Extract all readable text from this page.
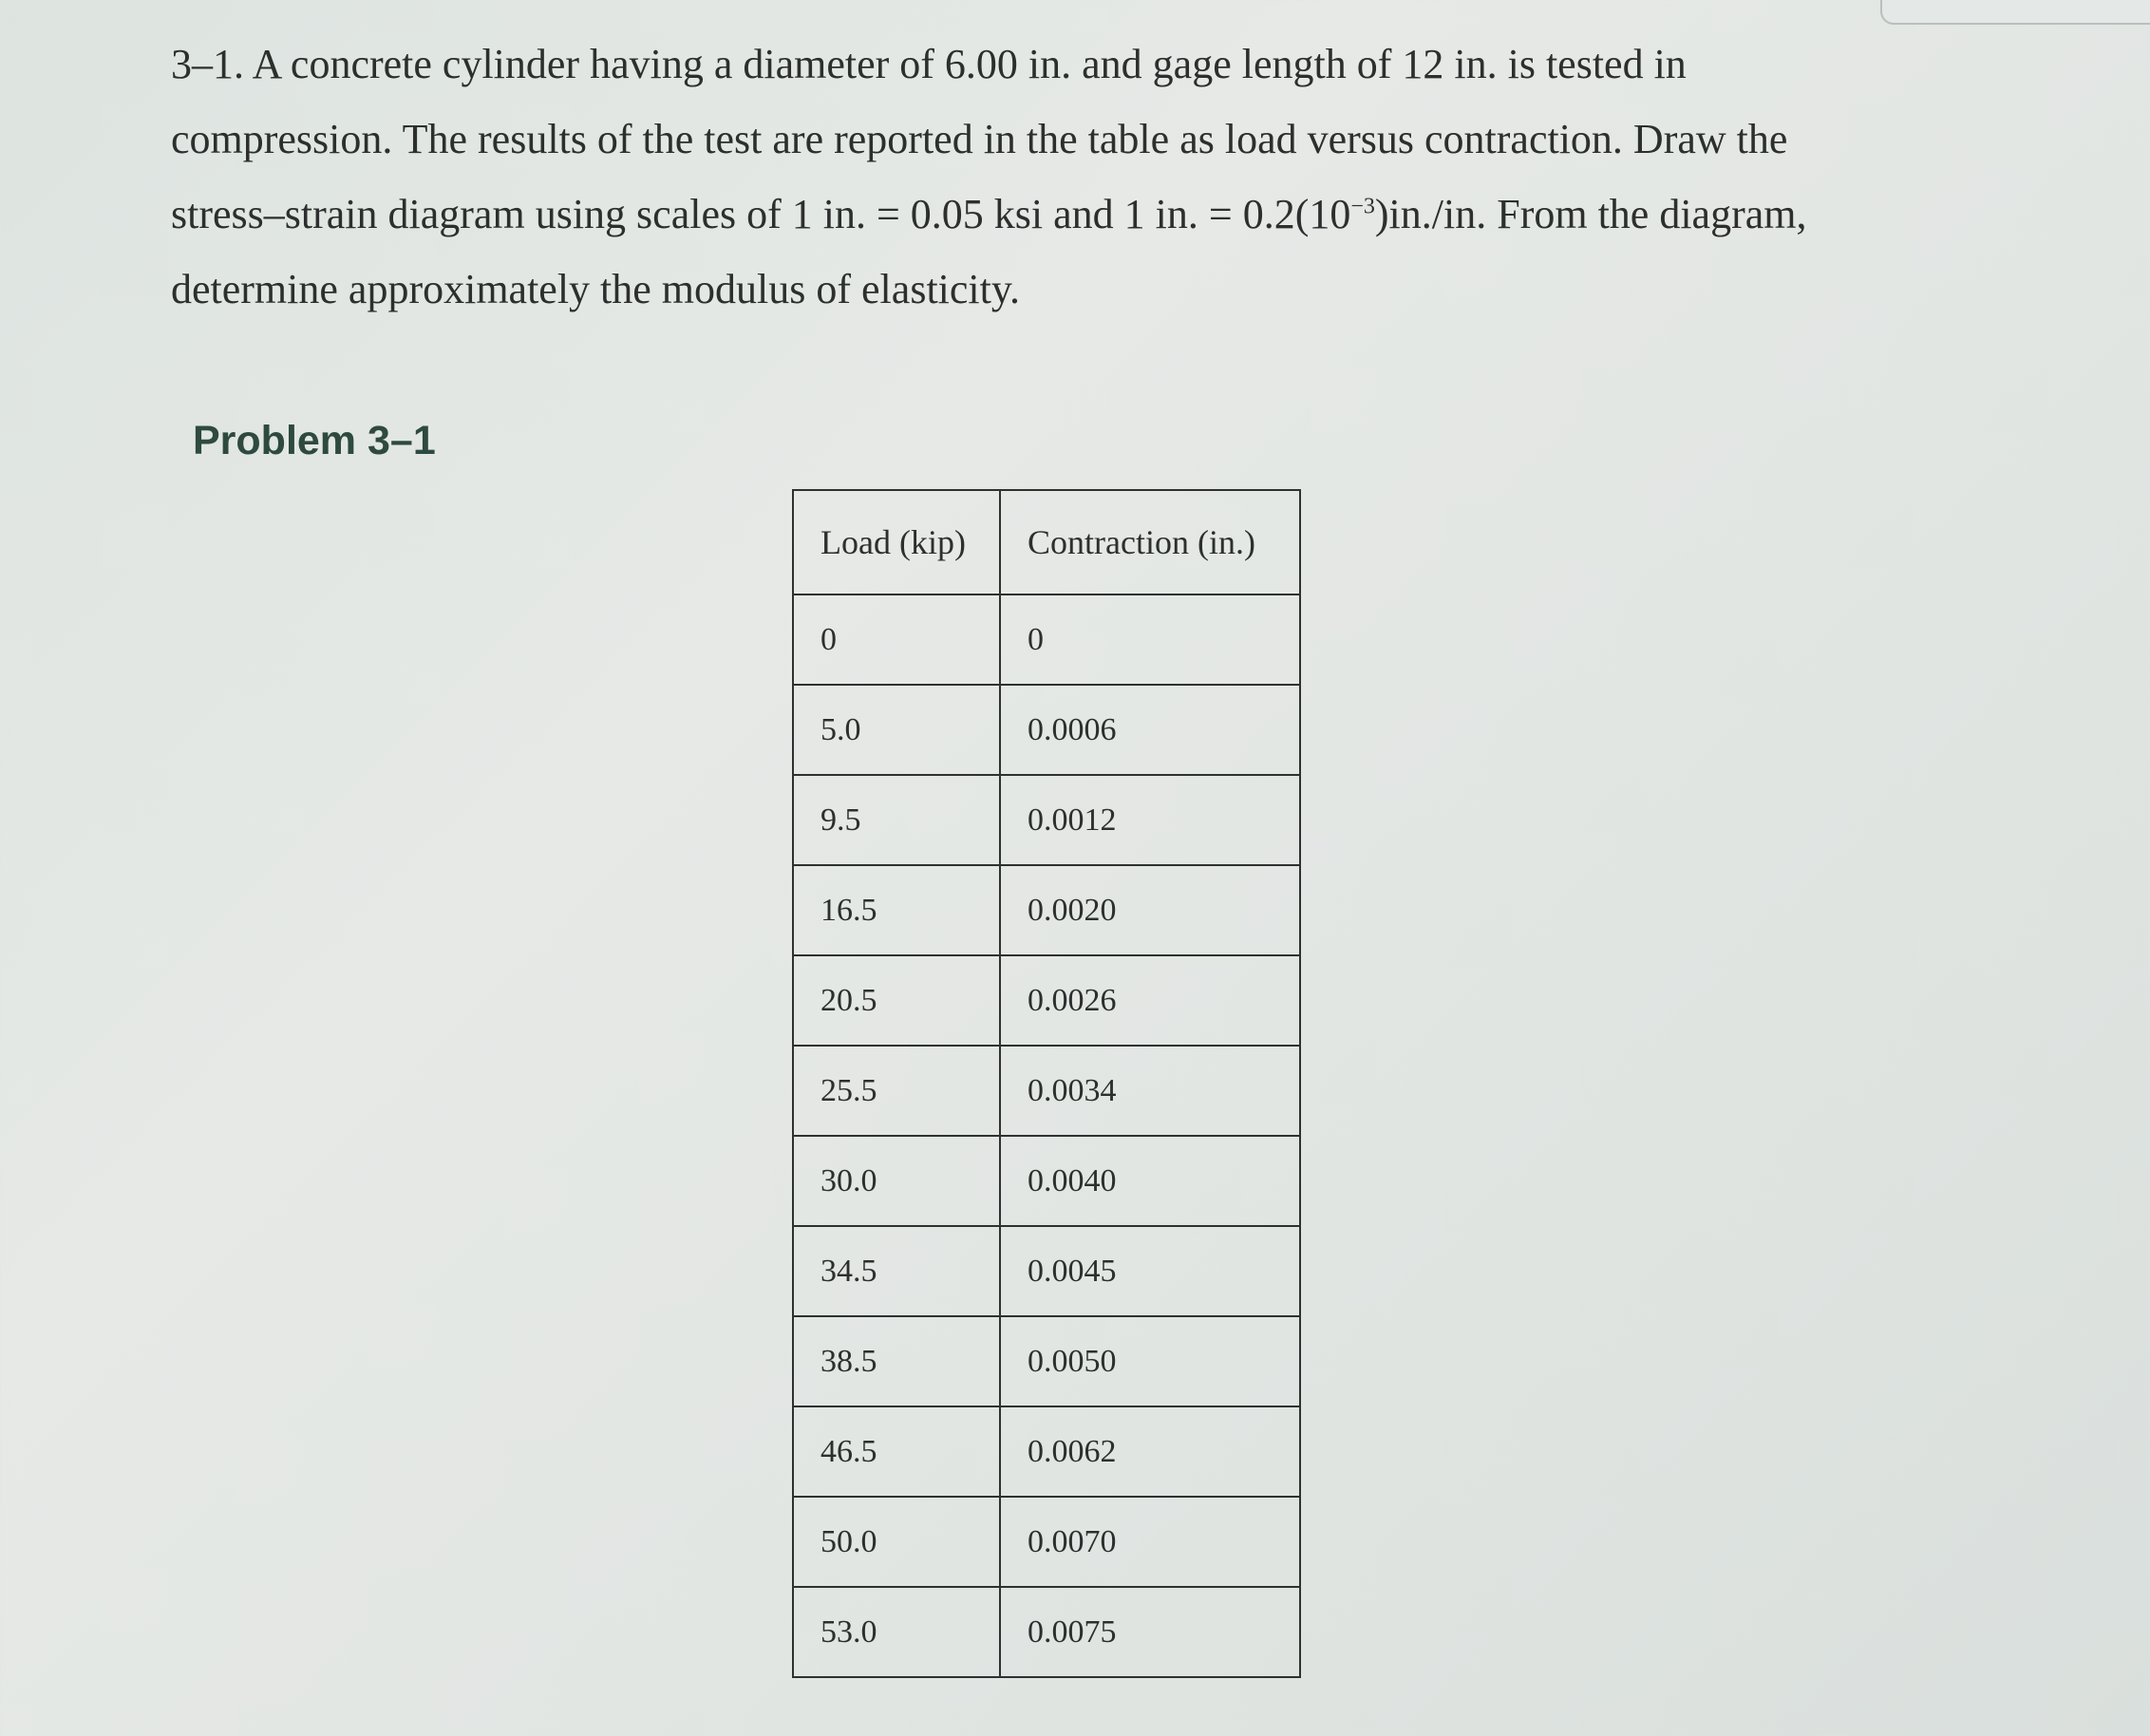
3–1. A concrete cylinder having a diameter of 6.00 in. and gage length of 12 in. is tested in compression. The results of the test are reported in the table as load versus contraction. Draw the stress–strain diagram using scales of 1 in. = 0.05 ksi and 1 in. = $0.2(10^{-3})in./in$. From the diagram, determine approximately the modulus of elasticity.

Problem 3–1
Load (kip)	Contraction (in.)
0	0
5.0	0.0006
9.5	0.0012
16.5	0.0020
20.5	0.0026
25.5	0.0034
30.0	0.0040
34.5	0.0045
38.5	0.0050
46.5	0.0062
50.0	0.0070
53.0	0.0075
